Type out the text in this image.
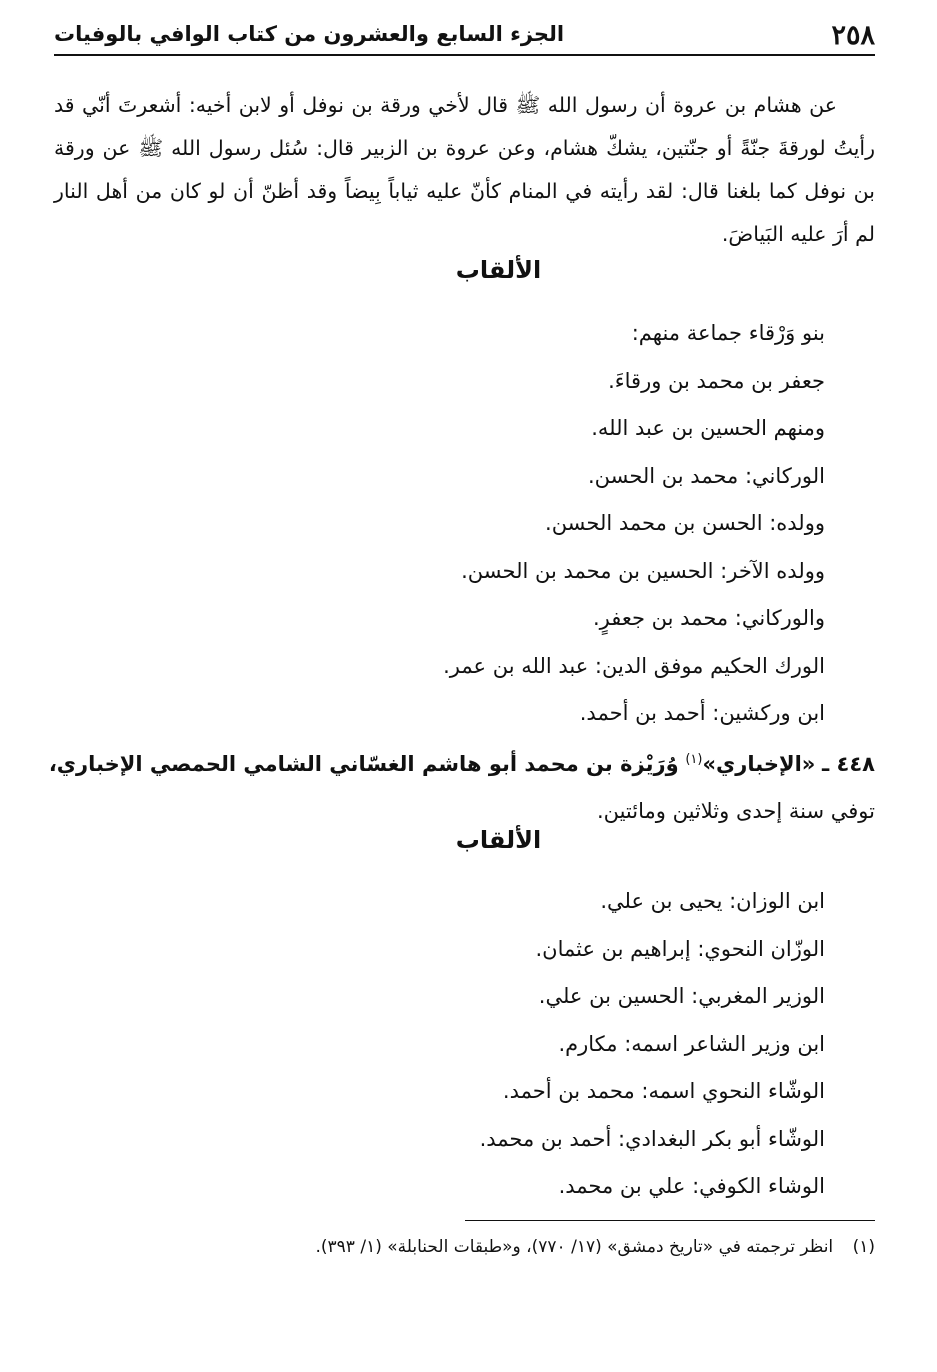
٢٥٨
الجزء السابع والعشرون من كتاب الوافي بالوفيات

عن هشام بن عروة أن رسول الله ﷺ قال لأخي ورقة بن نوفل أو لابن أخيه: أشعرتَ أنّي قد رأيتُ لورقةَ جنّةً أو جنّتين، يشكّ هشام، وعن عروة بن الزبير قال: سُئل رسول الله ﷺ عن ورقة بن نوفل كما بلغنا قال: لقد رأيته في المنام كأنّ عليه ثياباً بِيضاً وقد أظنّ أن لو كان من أهل النار لم أرَ عليه البَياضَ.

الألقاب
بنو وَرْقاء جماعة منهم:
جعفر بن محمد بن ورقاءَ.
ومنهم الحسين بن عبد الله.
الوركاني: محمد بن الحسن.
وولده: الحسن بن محمد الحسن.
وولده الآخر: الحسين بن محمد بن الحسن.
والوركاني: محمد بن جعفرٍ.
الورك الحكيم موفق الدين: عبد الله بن عمر.
ابن وركشين: أحمد بن أحمد.
٤٤٨ ـ «الإخباري»$^{(١)}$ وُرَيْزة بن محمد أبو هاشم الغسّاني الشامي الحمصي الإخباري، توفي سنة إحدى وثلاثين ومائتين.
الألقاب
ابن الوزان: يحيى بن علي.
الوزّان النحوي: إبراهيم بن عثمان.
الوزير المغربي: الحسين بن علي.
ابن وزير الشاعر اسمه: مكارم.
الوشّاء النحوي اسمه: محمد بن أحمد.
الوشّاء أبو بكر البغدادي: أحمد بن محمد.
الوشاء الكوفي: علي بن محمد.
(١) انظر ترجمته في «تاريخ دمشق» (١٧/ ٧٧٠)، و«طبقات الحنابلة» (١/ ٣٩٣).
